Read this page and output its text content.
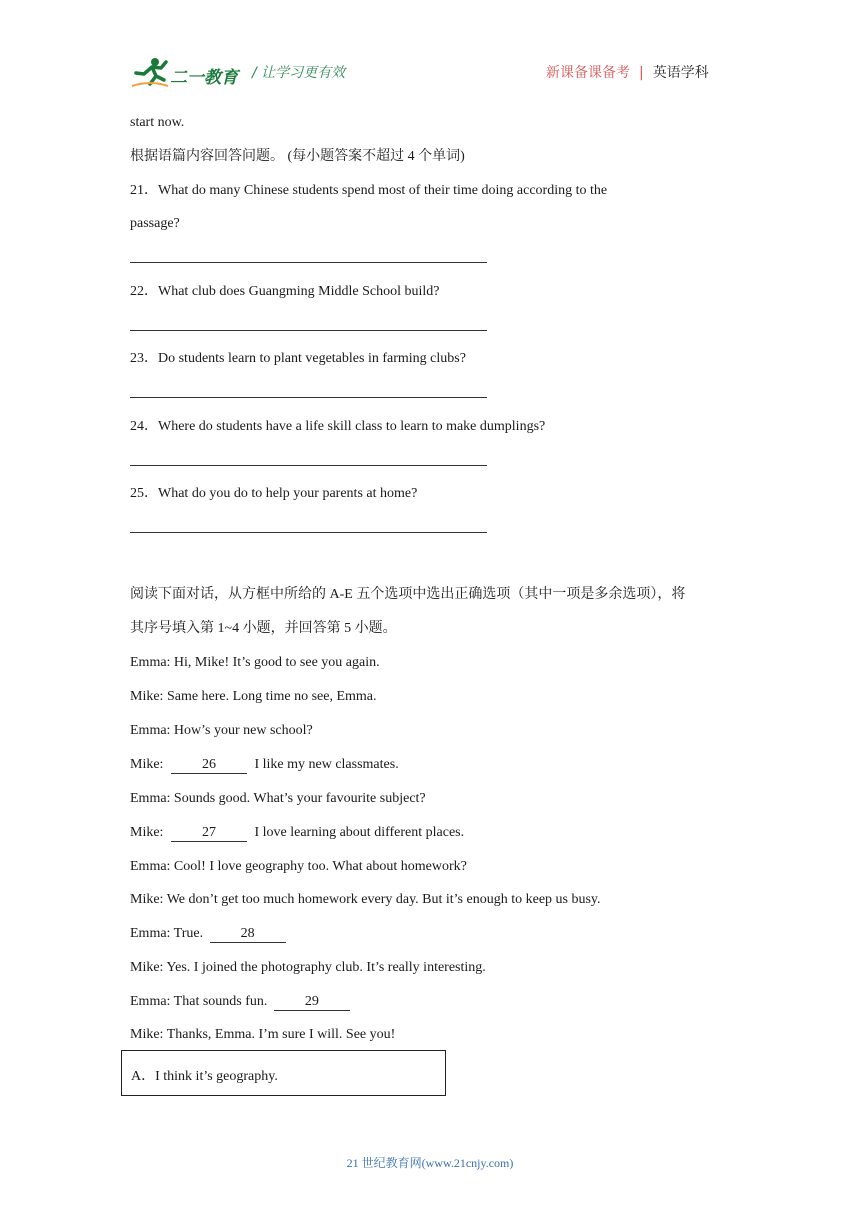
二一教育 / 让学习更有效	新课备课备考 | 英语学科
start now.
根据语篇内容回答问题。 (每小题答案不超过 4 个单词)
21．What do many Chinese students spend most of their time doing according to the
passage?
22．What club does Guangming Middle School build?
23．Do students learn to plant vegetables in farming clubs?
24．Where do students have a life skill class to learn to make dumplings?
25．What do you do to help your parents at home?
阅读下面对话，从方框中所给的 A-E 五个选项中选出正确选项（其中一项是多余选项），将
其序号填入第 1~4 小题，并回答第 5 小题。
Emma: Hi, Mike! It’s good to see you again.
Mike: Same here. Long time no see, Emma.
Emma: How’s your new school?
Mike:	26	I like my new classmates.
Emma: Sounds good. What’s your favourite subject?
Mike:	27	I love learning about different places.
Emma: Cool! I love geography too. What about homework?
Mike: We don’t get too much homework every day. But it’s enough to keep us busy.
Emma: True. 28
Mike: Yes. I joined the photography club. It’s really interesting.
Emma: That sounds fun. 29
Mike: Thanks, Emma. I’m sure I will. See you!
A．I think it’s geography.
21 世纪教育网(www.21cnjy.com)
